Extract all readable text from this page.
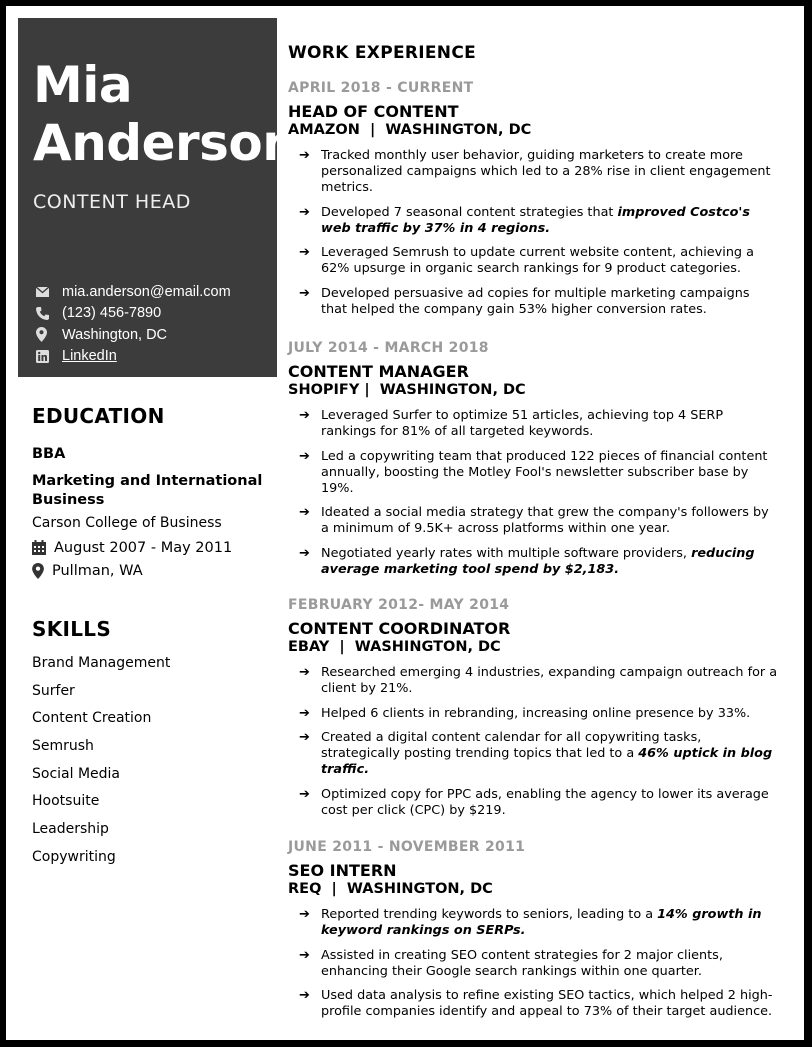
Mia
Anderson
CONTENT HEAD
mia.anderson@email.com
(123) 456-7890
Washington, DC
LinkedIn
EDUCATION
BBA
Marketing and International Business
Carson College of Business
August 2007 - May 2011
Pullman, WA
SKILLS
Brand Management
Surfer
Content Creation
Semrush
Social Media
Hootsuite
Leadership
Copywriting
WORK EXPERIENCE
APRIL 2018 - CURRENT
HEAD OF CONTENT
AMAZON  |  WASHINGTON, DC
➔ Tracked monthly user behavior, guiding marketers to create more personalized campaigns which led to a 28% rise in client engagement metrics.
➔ Developed 7 seasonal content strategies that improved Costco's web traffic by 37% in 4 regions.
➔ Leveraged Semrush to update current website content, achieving a 62% upsurge in organic search rankings for 9 product categories.
➔ Developed persuasive ad copies for multiple marketing campaigns that helped the company gain 53% higher conversion rates.
JULY 2014 - MARCH 2018
CONTENT MANAGER
SHOPIFY |  WASHINGTON, DC
➔ Leveraged Surfer to optimize 51 articles, achieving top 4 SERP rankings for 81% of all targeted keywords.
➔ Led a copywriting team that produced 122 pieces of financial content annually, boosting the Motley Fool's newsletter subscriber base by 19%.
➔ Ideated a social media strategy that grew the company's followers by a minimum of 9.5K+ across platforms within one year.
➔ Negotiated yearly rates with multiple software providers, reducing average marketing tool spend by $2,183.
FEBRUARY 2012- MAY 2014
CONTENT COORDINATOR
EBAY  |  WASHINGTON, DC
➔ Researched emerging 4 industries, expanding campaign outreach for a client by 21%.
➔ Helped 6 clients in rebranding, increasing online presence by 33%.
➔ Created a digital content calendar for all copywriting tasks, strategically posting trending topics that led to a 46% uptick in blog traffic.
➔ Optimized copy for PPC ads, enabling the agency to lower its average cost per click (CPC) by $219.
JUNE 2011 - NOVEMBER 2011
SEO INTERN
REQ  |  WASHINGTON, DC
➔ Reported trending keywords to seniors, leading to a 14% growth in keyword rankings on SERPs.
➔ Assisted in creating SEO content strategies for 2 major clients, enhancing their Google search rankings within one quarter.
➔ Used data analysis to refine existing SEO tactics, which helped 2 high-profile companies identify and appeal to 73% of their target audience.
